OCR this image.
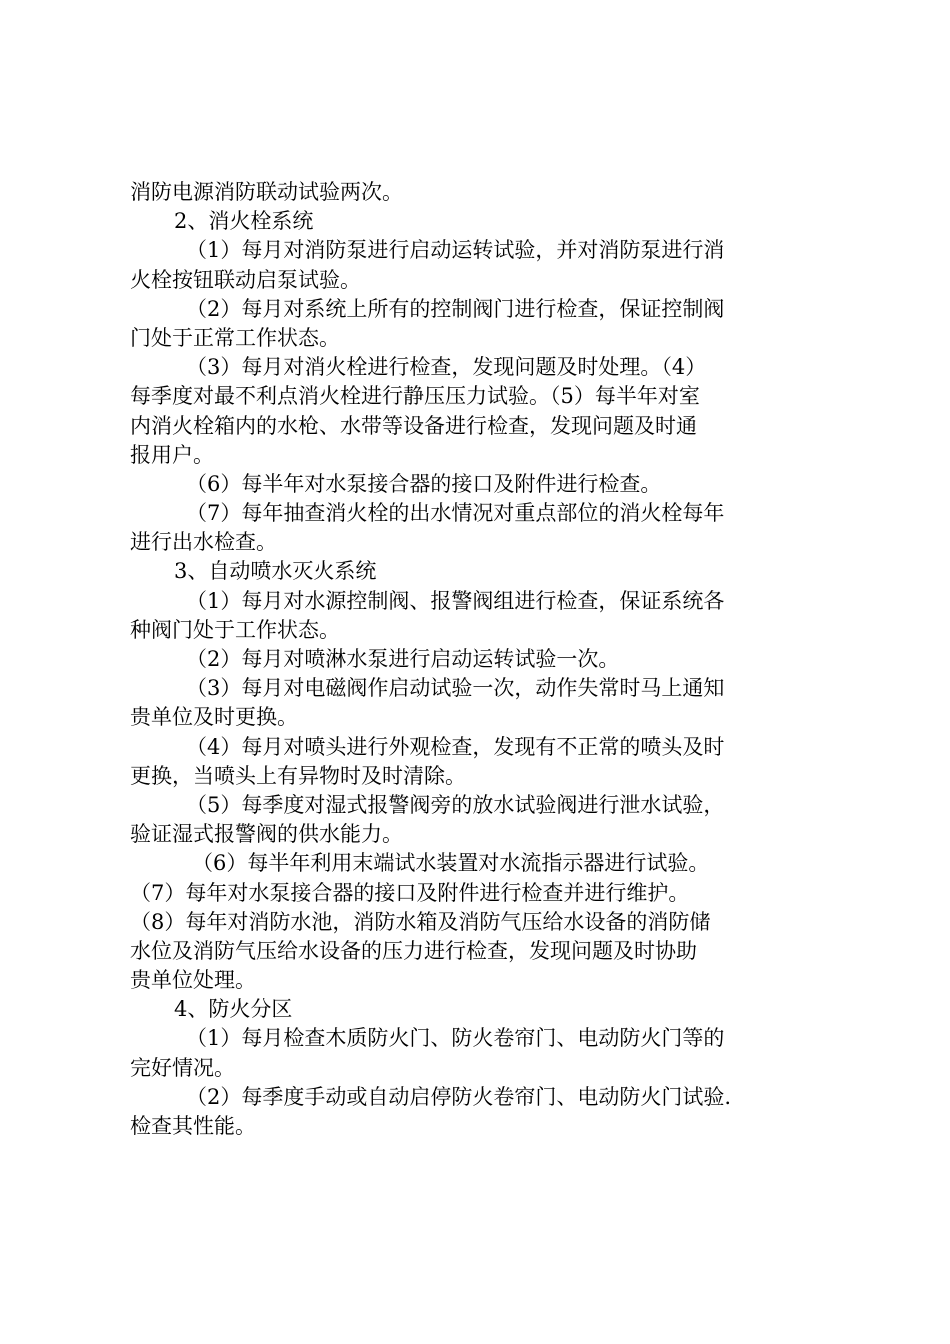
消防电源消防联动试验两次。
2、消火栓系统
（1）每月对消防泵进行启动运转试验，并对消防泵进行消
火栓按钮联动启泵试验。
（2）每月对系统上所有的控制阀门进行检查，保证控制阀
门处于正常工作状态。
（3）每月对消火栓进行检查，发现问题及时处理。（4）
每季度对最不利点消火栓进行静压压力试验。（5）每半年对室
内消火栓箱内的水枪、水带等设备进行检查，发现问题及时通
报用户。
（6）每半年对水泵接合器的接口及附件进行检查。
（7）每年抽查消火栓的出水情况对重点部位的消火栓每年
进行出水检查。
3、自动喷水灭火系统
（1）每月对水源控制阀、报警阀组进行检查，保证系统各
种阀门处于工作状态。
（2）每月对喷淋水泵进行启动运转试验一次。
（3）每月对电磁阀作启动试验一次，动作失常时马上通知
贵单位及时更换。
（4）每月对喷头进行外观检查，发现有不正常的喷头及时
更换，当喷头上有异物时及时清除。
（5）每季度对湿式报警阀旁的放水试验阀进行泄水试验，
验证湿式报警阀的供水能力。
（6）每半年利用末端试水装置对水流指示器进行试验。
（7）每年对水泵接合器的接口及附件进行检查并进行维护。
（8）每年对消防水池，消防水箱及消防气压给水设备的消防储
水位及消防气压给水设备的压力进行检查，发现问题及时协助
贵单位处理。
4、防火分区
（1）每月检查木质防火门、防火卷帘门、电动防火门等的
完好情况。
（2）每季度手动或自动启停防火卷帘门、电动防火门试验.
检查其性能。
